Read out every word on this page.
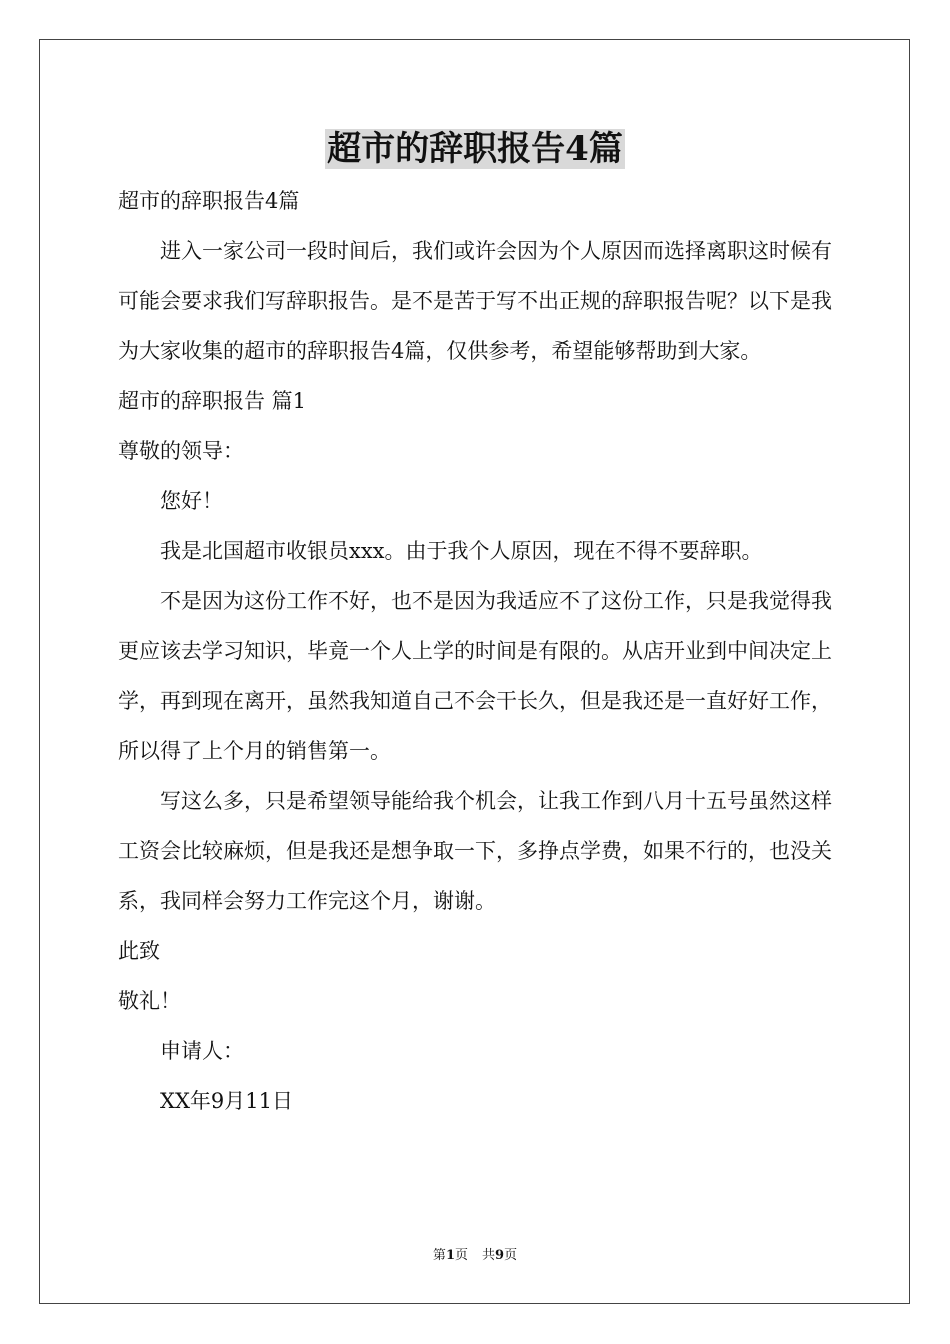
超市的辞职报告4篇

超市的辞职报告4篇

进入一家公司一段时间后，我们或许会因为个人原因而选择离职这时候有可能会要求我们写辞职报告。是不是苦于写不出正规的辞职报告呢？以下是我为大家收集的超市的辞职报告4篇，仅供参考，希望能够帮助到大家。

超市的辞职报告 篇1

尊敬的领导：

您好！

我是北国超市收银员xxx。由于我个人原因，现在不得不要辞职。

不是因为这份工作不好，也不是因为我适应不了这份工作，只是我觉得我更应该去学习知识，毕竟一个人上学的时间是有限的。从店开业到中间决定上学，再到现在离开，虽然我知道自己不会干长久，但是我还是一直好好工作，所以得了上个月的销售第一。

写这么多，只是希望领导能给我个机会，让我工作到八月十五号虽然这样工资会比较麻烦，但是我还是想争取一下，多挣点学费，如果不行的，也没关系，我同样会努力工作完这个月，谢谢。

此致

敬礼！

申请人：

XX年9月11日

第1页 共9页
